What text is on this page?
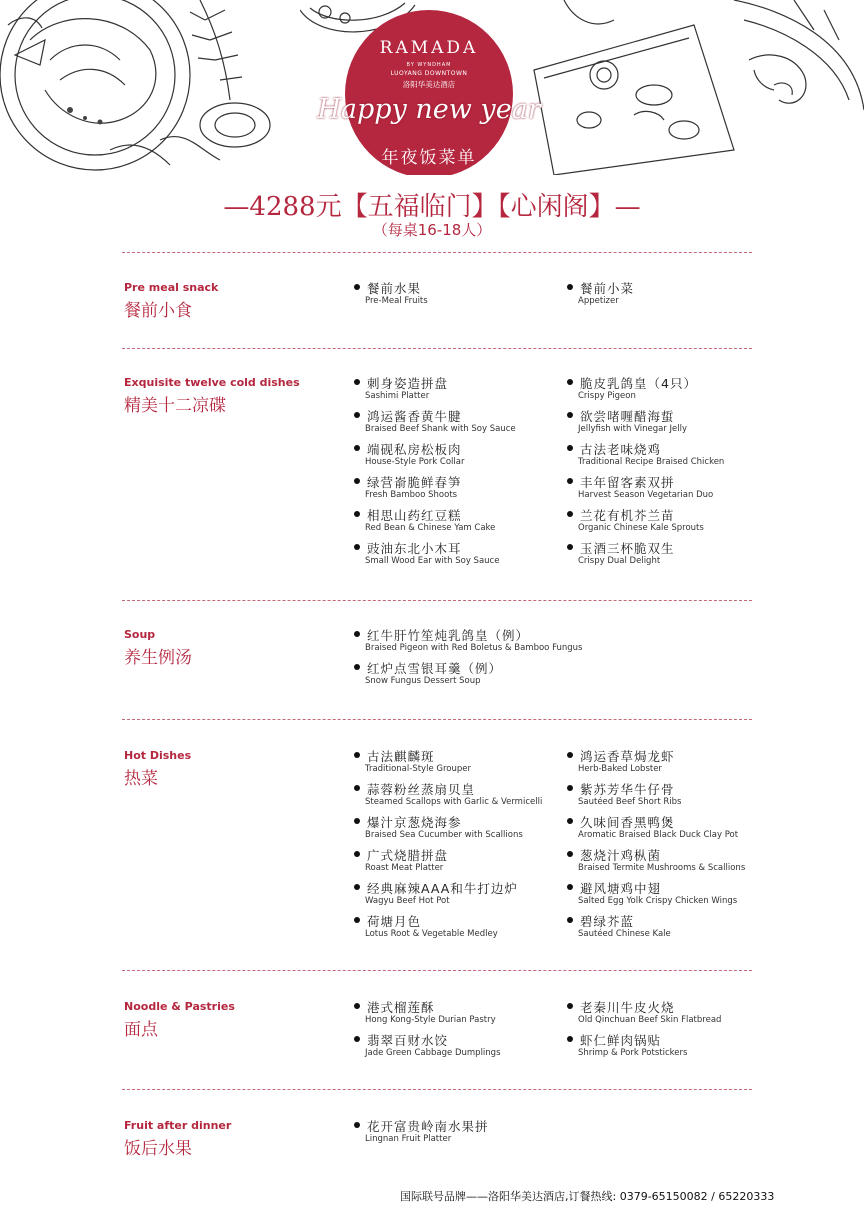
RAMADA
BY WYNDHAM
LUOYANG DOWNTOWN
洛阳华美达酒店
Happy new year
年夜饭菜单
—4288元【五福临门】【心闲阁】—
（每桌16-18人）
Pre meal snack
餐前小食
餐前水果
Pre-Meal Fruits
餐前小菜
Appetizer
Exquisite twelve cold dishes
精美十二凉碟
刺身姿造拼盘
Sashimi Platter
脆皮乳鸽皇（4只）
Crispy Pigeon
鸿运酱香黄牛腱
Braised Beef Shank with Soy Sauce
欲尝啫喱醋海蜇
Jellyfish with Vinegar Jelly
端砚私房松板肉
House-Style Pork Collar
古法老味烧鸡
Traditional Recipe Braised Chicken
绿营嵛脆鲜春笋
Fresh Bamboo Shoots
丰年留客素双拼
Harvest Season Vegetarian Duo
相思山药红豆糕
Red Bean & Chinese Yam Cake
兰花有机芥兰苗
Organic Chinese Kale Sprouts
豉油东北小木耳
Small Wood Ear with Soy Sauce
玉酒三杯脆双生
Crispy Dual Delight
Soup
养生例汤
红牛肝竹笙炖乳鸽皇（例）
Braised Pigeon with Red Boletus & Bamboo Fungus
红炉点雪银耳羹（例）
Snow Fungus Dessert Soup
Hot Dishes
热菜
古法麒麟斑
Traditional-Style Grouper
鸿运香草焗龙虾
Herb-Baked Lobster
蒜蓉粉丝蒸扇贝皇
Steamed Scallops with Garlic & Vermicelli
紫苏芳华牛仔骨
Sautéed Beef Short Ribs
爆汁京葱烧海参
Braised Sea Cucumber with Scallions
久味间香黑鸭煲
Aromatic Braised Black Duck Clay Pot
广式烧腊拼盘
Roast Meat Platter
葱烧汁鸡枞菌
Braised Termite Mushrooms & Scallions
经典麻辣AAA和牛打边炉
Wagyu Beef Hot Pot
避风塘鸡中翅
Salted Egg Yolk Crispy Chicken Wings
荷塘月色
Lotus Root & Vegetable Medley
碧绿芥蓝
Sautéed Chinese Kale
Noodle & Pastries
面点
港式榴莲酥
Hong Kong-Style Durian Pastry
老秦川牛皮火烧
Old Qinchuan Beef Skin Flatbread
翡翠百财水饺
Jade Green Cabbage Dumplings
虾仁鲜肉锅贴
Shrimp & Pork Potstickers
Fruit after dinner
饭后水果
花开富贵岭南水果拼
Lingnan Fruit Platter
国际联号品牌——洛阳华美达酒店,订餐热线: 0379-65150082 / 65220333
